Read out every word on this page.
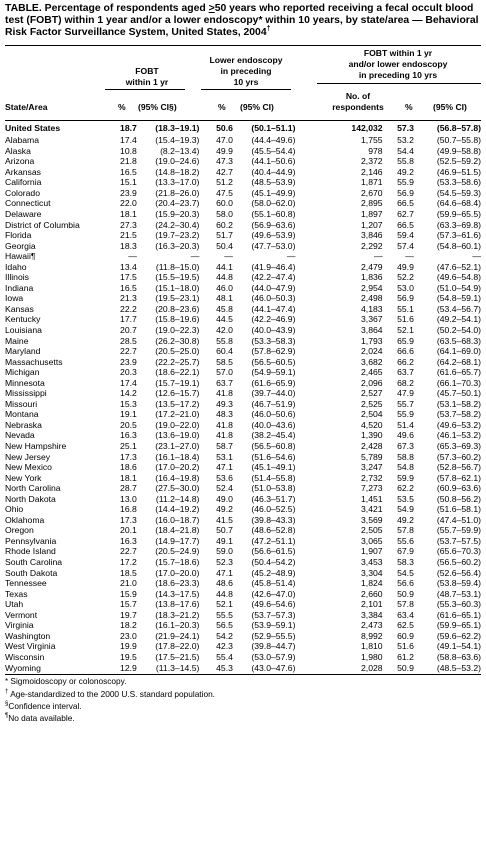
TABLE. Percentage of respondents aged >50 years who reported receiving a fecal occult blood test (FOBT) within 1 year and/or a lower endoscopy* within 10 years, by state/area — Behavioral Risk Factor Surveillance System, United States, 2004†
FOBT
within 1 yr
Lower endoscopy
in preceding
10 yrs
FOBT within 1 yr
and/or lower endoscopy
in preceding 10 yrs
State/Area	% (95% CI§)	% (95% CI)
No. of
respondents	% (95% CI)
United States	18.7	(18.3–19.1)	50.6	(50.1–51.1)	142,032	57.3	(56.8–57.8)
Alabama	17.4	(15.4–19.3)	47.0	(44.4–49.6)	1,755	53.2	(50.7–55.8)
Alaska	10.8	(8.2–13.4)	49.9	(45.5–54.4)	978	54.4	(49.9–58.8)
Arizona	21.8	(19.0–24.6)	47.3	(44.1–50.6)	2,372	55.8	(52.5–59.2)
Arkansas	16.5	(14.8–18.2)	42.7	(40.4–44.9)	2,146	49.2	(46.9–51.5)
California	15.1	(13.3–17.0)	51.2	(48.5–53.9)	1,871	55.9	(53.3–58.6)
Colorado	23.9	(21.8–26.0)	47.5	(45.1–49.9)	2,670	56.9	(54.5–59.3)
Connecticut	22.0	(20.4–23.7)	60.0	(58.0–62.0)	2,895	66.5	(64.6–68.4)
Delaware	18.1	(15.9–20.3)	58.0	(55.1–60.8)	1,897	62.7	(59.9–65.5)
District of Columbia	27.3	(24.2–30.4)	60.2	(56.9–63.6)	1,207	66.5	(63.3–69.8)
Florida	21.5	(19.7–23.2)	51.7	(49.6–53.9)	3,846	59.4	(57.3–61.6)
Georgia	18.3	(16.3–20.3)	50.4	(47.7–53.0)	2,292	57.4	(54.8–60.1)
Hawaii¶	—	—	—	—	—	—	—
Idaho	13.4	(11.8–15.0)	44.1	(41.9–46.4)	2,479	49.9	(47.6–52.1)
Illinois	17.5	(15.5–19.5)	44.8	(42.2–47.4)	1,836	52.2	(49.6–54.8)
Indiana	16.5	(15.1–18.0)	46.0	(44.0–47.9)	2,954	53.0	(51.0–54.9)
Iowa	21.3	(19.5–23.1)	48.1	(46.0–50.3)	2,498	56.9	(54.8–59.1)
Kansas	22.2	(20.8–23.6)	45.8	(44.1–47.4)	4,183	55.1	(53.4–56.7)
Kentucky	17.7	(15.8–19.6)	44.5	(42.2–46.9)	3,367	51.6	(49.2–54.1)
Louisiana	20.7	(19.0–22.3)	42.0	(40.0–43.9)	3,864	52.1	(50.2–54.0)
Maine	28.5	(26.2–30.8)	55.8	(53.3–58.3)	1,793	65.9	(63.5–68.3)
Maryland	22.7	(20.5–25.0)	60.4	(57.8–62.9)	2,024	66.6	(64.1–69.0)
Massachusetts	23.9	(22.2–25.7)	58.5	(56.5–60.5)	3,682	66.2	(64.2–68.1)
Michigan	20.3	(18.6–22.1)	57.0	(54.9–59.1)	2,465	63.7	(61.6–65.7)
Minnesota	17.4	(15.7–19.1)	63.7	(61.6–65.9)	2,096	68.2	(66.1–70.3)
Mississippi	14.2	(12.6–15.7)	41.8	(39.7–44.0)	2,527	47.9	(45.7–50.1)
Missouri	15.3	(13.5–17.2)	49.3	(46.7–51.9)	2,525	55.7	(53.1–58.2)
Montana	19.1	(17.2–21.0)	48.3	(46.0–50.6)	2,504	55.9	(53.7–58.2)
Nebraska	20.5	(19.0–22.0)	41.8	(40.0–43.6)	4,520	51.4	(49.6–53.2)
Nevada	16.3	(13.6–19.0)	41.8	(38.2–45.4)	1,390	49.6	(46.1–53.2)
New Hampshire	25.1	(23.1–27.0)	58.7	(56.5–60.8)	2,428	67.3	(65.3–69.3)
New Jersey	17.3	(16.1–18.4)	53.1	(51.6–54.6)	5,789	58.8	(57.3–60.2)
New Mexico	18.6	(17.0–20.2)	47.1	(45.1–49.1)	3,247	54.8	(52.8–56.7)
New York	18.1	(16.4–19.8)	53.6	(51.4–55.8)	2,732	59.9	(57.8–62.1)
North Carolina	28.7	(27.5–30.0)	52.4	(51.0–53.8)	7,273	62.2	(60.9–63.6)
North Dakota	13.0	(11.2–14.8)	49.0	(46.3–51.7)	1,451	53.5	(50.8–56.2)
Ohio	16.8	(14.4–19.2)	49.2	(46.0–52.5)	3,421	54.9	(51.6–58.1)
Oklahoma	17.3	(16.0–18.7)	41.5	(39.8–43.3)	3,569	49.2	(47.4–51.0)
Oregon	20.1	(18.4–21.8)	50.7	(48.6–52.8)	2,505	57.8	(55.7–59.9)
Pennsylvania	16.3	(14.9–17.7)	49.1	(47.2–51.1)	3,065	55.6	(53.7–57.5)
Rhode Island	22.7	(20.5–24.9)	59.0	(56.6–61.5)	1,907	67.9	(65.6–70.3)
South Carolina	17.2	(15.7–18.6)	52.3	(50.4–54.2)	3,453	58.3	(56.5–60.2)
South Dakota	18.5	(17.0–20.0)	47.1	(45.2–48.9)	3,304	54.5	(52.6–56.4)
Tennessee	21.0	(18.6–23.3)	48.6	(45.8–51.4)	1,824	56.6	(53.8–59.4)
Texas	15.9	(14.3–17.5)	44.8	(42.6–47.0)	2,660	50.9	(48.7–53.1)
Utah	15.7	(13.8–17.6)	52.1	(49.6–54.6)	2,101	57.8	(55.3–60.3)
Vermont	19.7	(18.3–21.2)	55.5	(53.7–57.3)	3,384	63.4	(61.6–65.1)
Virginia	18.2	(16.1–20.3)	56.5	(53.9–59.1)	2,473	62.5	(59.9–65.1)
Washington	23.0	(21.9–24.1)	54.2	(52.9–55.5)	8,992	60.9	(59.6–62.2)
West Virginia	19.9	(17.8–22.0)	42.3	(39.8–44.7)	1,810	51.6	(49.1–54.1)
Wisconsin	19.5	(17.5–21.5)	55.4	(53.0–57.9)	1,980	61.2	(58.8–63.6)
Wyoming	12.9	(11.3–14.5)	45.3	(43.0–47.6)	2,028	50.9	(48.5–53.2)
* Sigmoidoscopy or colonoscopy.
† Age-standardized to the 2000 U.S. standard population.
§Confidence interval.
¶No data available.
